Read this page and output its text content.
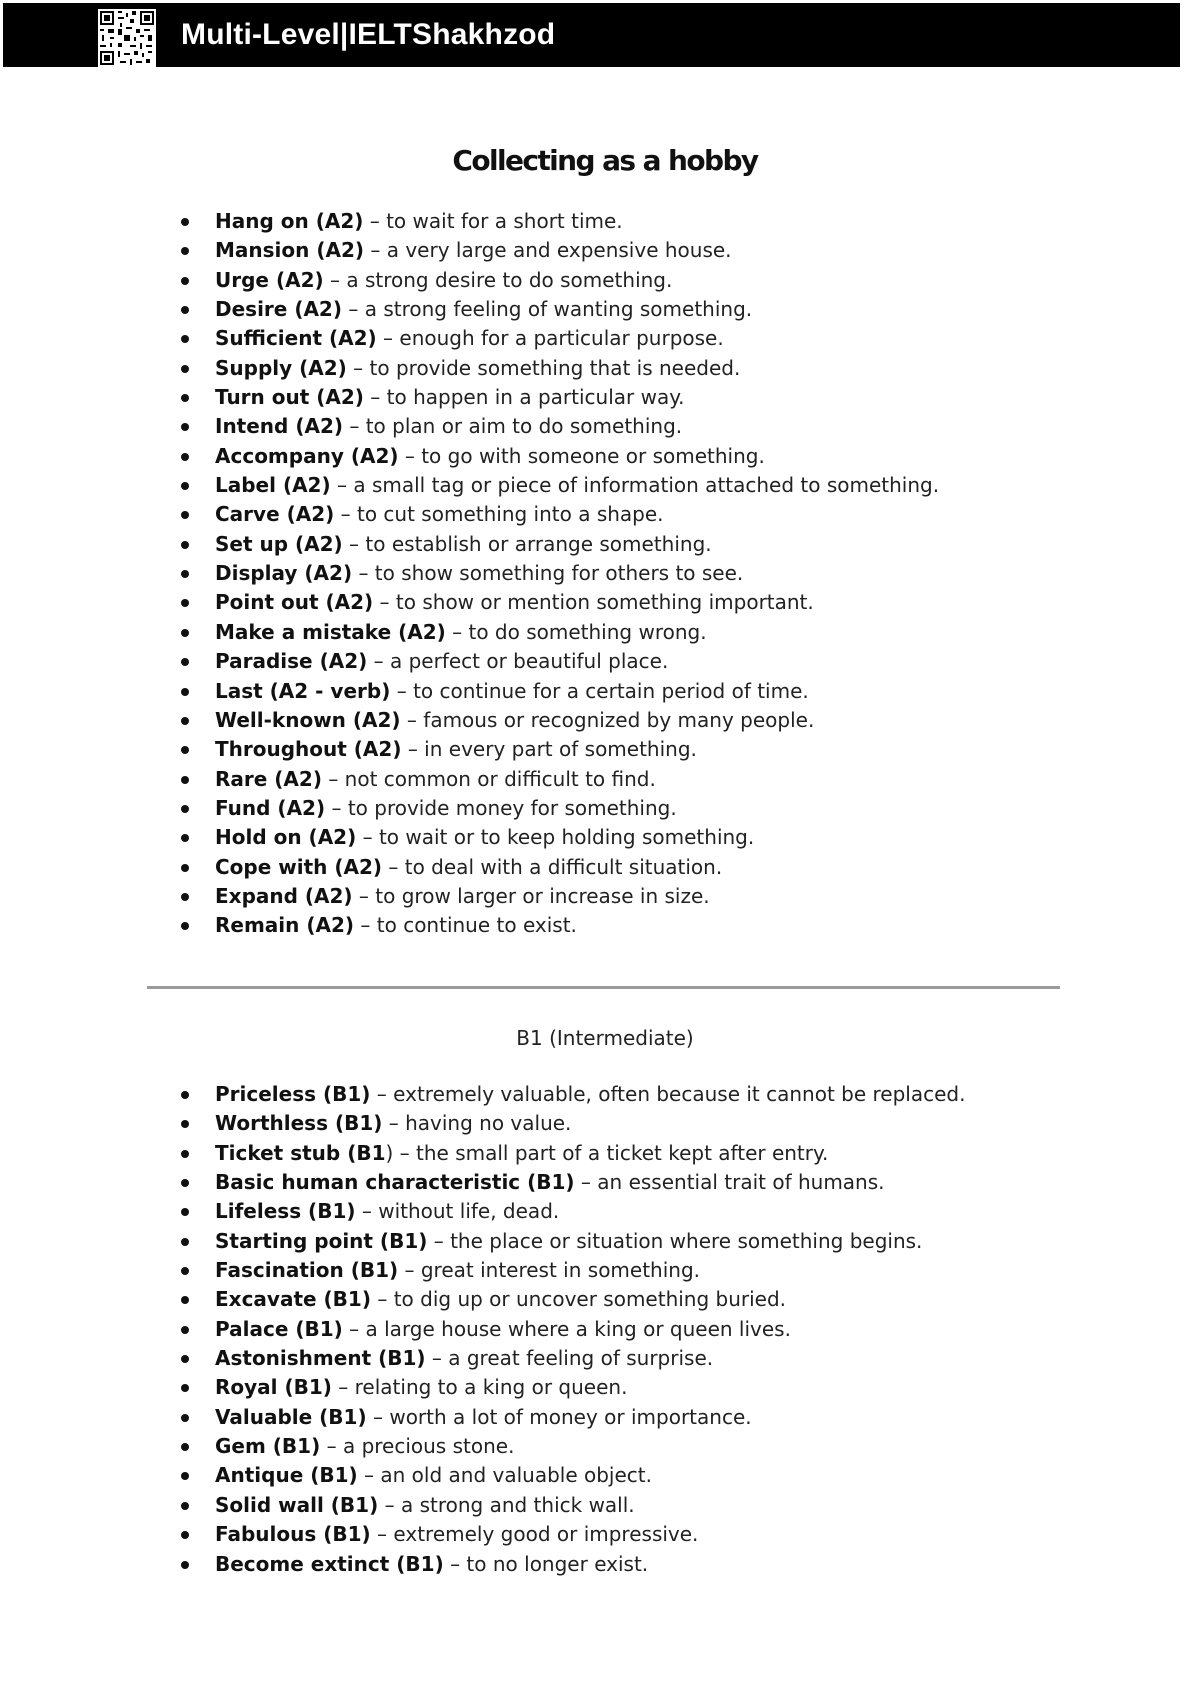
Multi-Level|IELTShakhzod
Collecting as a hobby
Hang on (A2) – to wait for a short time.
Mansion (A2) – a very large and expensive house.
Urge (A2) – a strong desire to do something.
Desire (A2) – a strong feeling of wanting something.
Sufficient (A2) – enough for a particular purpose.
Supply (A2) – to provide something that is needed.
Turn out (A2) – to happen in a particular way.
Intend (A2) – to plan or aim to do something.
Accompany (A2) – to go with someone or something.
Label (A2) – a small tag or piece of information attached to something.
Carve (A2) – to cut something into a shape.
Set up (A2) – to establish or arrange something.
Display (A2) – to show something for others to see.
Point out (A2) – to show or mention something important.
Make a mistake (A2) – to do something wrong.
Paradise (A2) – a perfect or beautiful place.
Last (A2 - verb) – to continue for a certain period of time.
Well-known (A2) – famous or recognized by many people.
Throughout (A2) – in every part of something.
Rare (A2) – not common or difficult to find.
Fund (A2) – to provide money for something.
Hold on (A2) – to wait or to keep holding something.
Cope with (A2) – to deal with a difficult situation.
Expand (A2) – to grow larger or increase in size.
Remain (A2) – to continue to exist.
B1 (Intermediate)
Priceless (B1) – extremely valuable, often because it cannot be replaced.
Worthless (B1) – having no value.
Ticket stub (B1) – the small part of a ticket kept after entry.
Basic human characteristic (B1) – an essential trait of humans.
Lifeless (B1) – without life, dead.
Starting point (B1) – the place or situation where something begins.
Fascination (B1) – great interest in something.
Excavate (B1) – to dig up or uncover something buried.
Palace (B1) – a large house where a king or queen lives.
Astonishment (B1) – a great feeling of surprise.
Royal (B1) – relating to a king or queen.
Valuable (B1) – worth a lot of money or importance.
Gem (B1) – a precious stone.
Antique (B1) – an old and valuable object.
Solid wall (B1) – a strong and thick wall.
Fabulous (B1) – extremely good or impressive.
Become extinct (B1) – to no longer exist.
